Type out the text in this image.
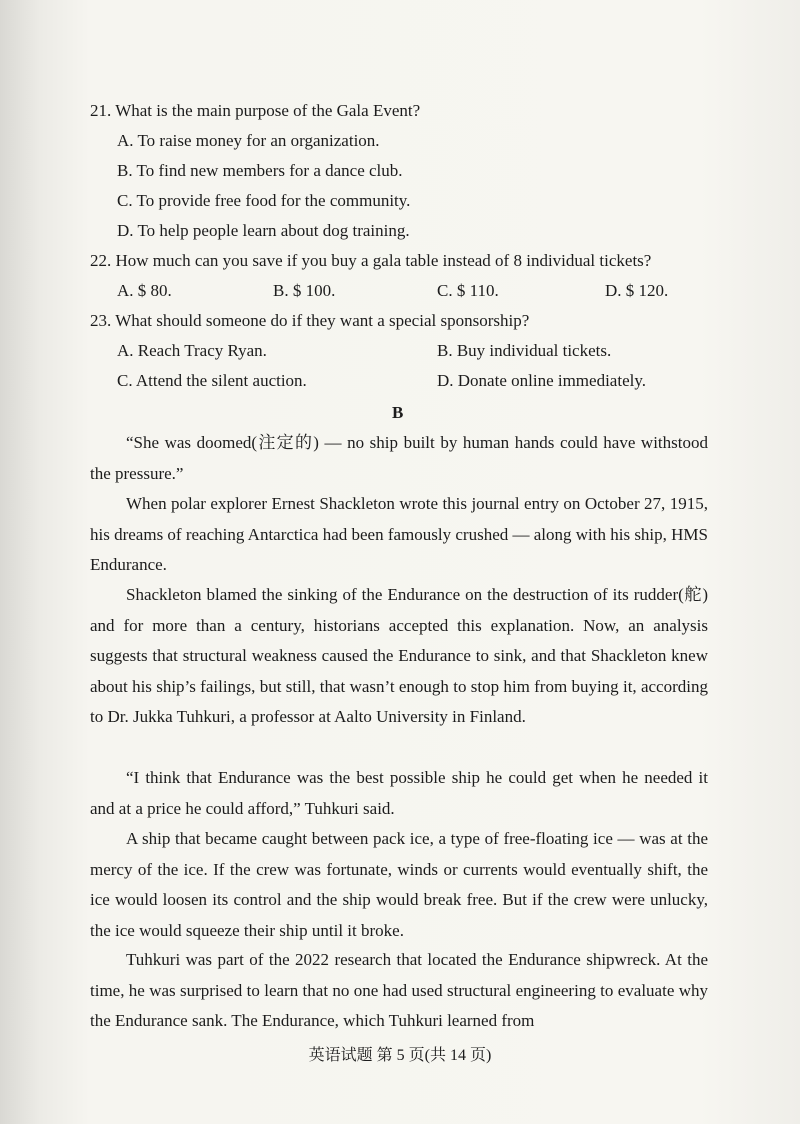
21. What is the main purpose of the Gala Event?
A. To raise money for an organization.
B. To find new members for a dance club.
C. To provide free food for the community.
D. To help people learn about dog training.
22. How much can you save if you buy a gala table instead of 8 individual tickets?
A. $ 80.	B. $ 100.	C. $ 110.	D. $ 120.
23. What should someone do if they want a special sponsorship?
A. Reach Tracy Ryan.	B. Buy individual tickets.
C. Attend the silent auction.	D. Donate online immediately.
B
“She was doomed(注定的) — no ship built by human hands could have withstood the pressure.”
When polar explorer Ernest Shackleton wrote this journal entry on October 27, 1915, his dreams of reaching Antarctica had been famously crushed — along with his ship, HMS Endurance.
Shackleton blamed the sinking of the Endurance on the destruction of its rudder(舵) and for more than a century, historians accepted this explanation. Now, an analysis suggests that structural weakness caused the Endurance to sink, and that Shackleton knew about his ship’s failings, but still, that wasn’t enough to stop him from buying it, according to Dr. Jukka Tuhkuri, a professor at Aalto University in Finland.
“I think that Endurance was the best possible ship he could get when he needed it and at a price he could afford,” Tuhkuri said.
A ship that became caught between pack ice, a type of free-floating ice — was at the mercy of the ice. If the crew was fortunate, winds or currents would eventually shift, the ice would loosen its control and the ship would break free. But if the crew were unlucky, the ice would squeeze their ship until it broke.
Tuhkuri was part of the 2022 research that located the Endurance shipwreck. At the time, he was surprised to learn that no one had used structural engineering to evaluate why the Endurance sank. The Endurance, which Tuhkuri learned from
英语试题 第 5 页(共 14 页)
